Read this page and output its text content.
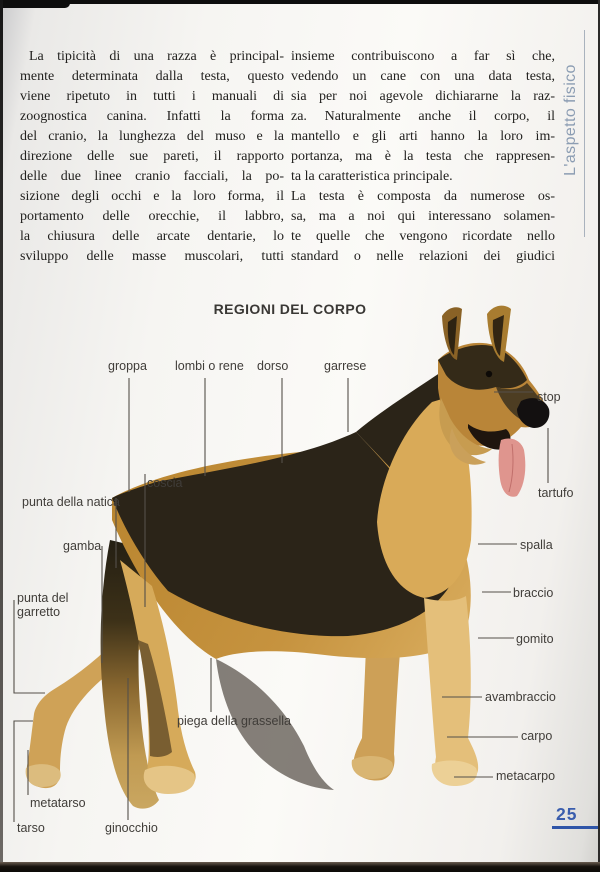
La tipicità di una razza è principal-
mente determinata dalla testa, questo
viene ripetuto in tutti i manuali di
zoognostica canina. Infatti la forma
del cranio, la lunghezza del muso e la
direzione delle sue pareti, il rapporto
delle due linee cranio facciali, la po-
sizione degli occhi e la loro forma, il
portamento delle orecchie, il labbro,
la chiusura delle arcate dentarie, lo
sviluppo delle masse muscolari, tutti
insieme contribuiscono a far sì che,
vedendo un cane con una data testa,
sia per noi agevole dichiararne la raz-
za. Naturalmente anche il corpo, il
mantello e gli arti hanno la loro im-
portanza, ma è la testa che rappresen-
ta la caratteristica principale.
La testa è composta da numerose os-
sa, ma a noi qui interessano solamen-
te quelle che vengono ricordate nello
standard o nelle relazioni dei giudici
L'aspetto fisico
REGIONI DEL CORPO
groppa lombi o rene dorso	garrese
stop
tartufo
coscia
punta della natica
gamba
punta del garretto
spalla
braccio
gomito
avambraccio
piega della grassella
carpo
metacarpo
metatarso
ginocchio
tarso
25
